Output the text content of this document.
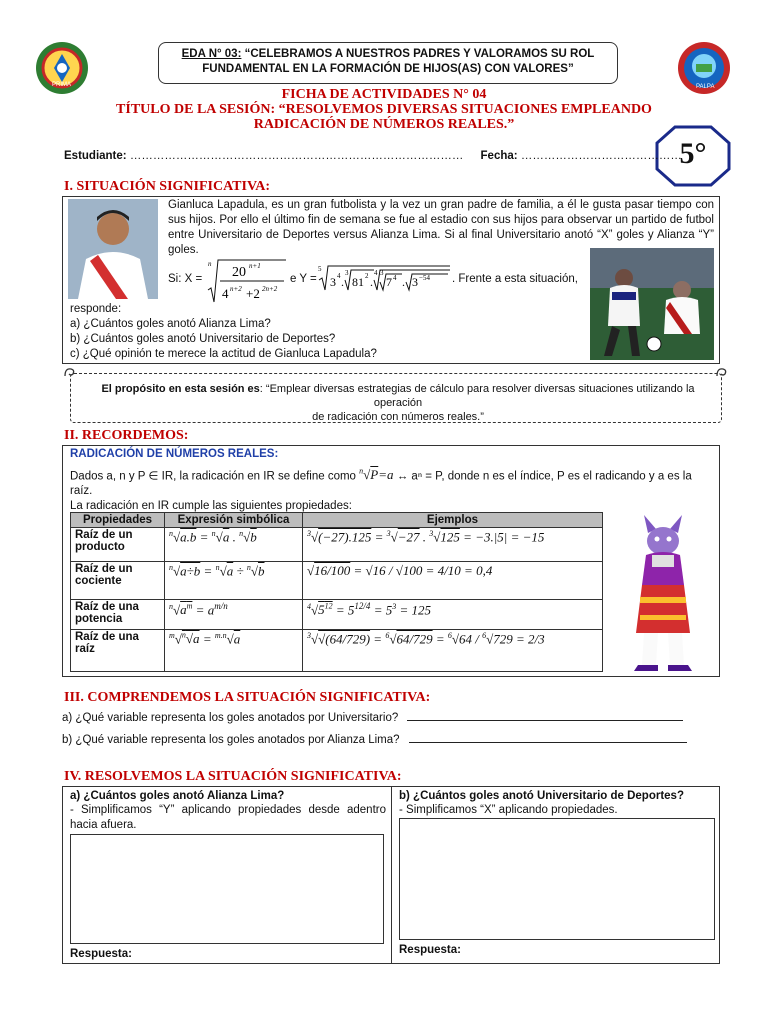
PRIMA	PALPA
EDA N° 03: “CELEBRAMOS A NUESTROS PADRES Y VALORAMOS SU ROL
FUNDAMENTAL EN LA FORMACIÓN DE HIJOS(AS) CON VALORES”
FICHA DE ACTIVIDADES N° 04
TÍTULO DE LA SESIÓN: “RESOLVEMOS DIVERSAS SITUACIONES EMPLEANDO
RADICACIÓN DE NÚMEROS REALES.”
5°
Estudiante: …………………………………………………………………………… Fecha: ……………………………………
I. SITUACIÓN SIGNIFICATIVA:

Gianluca Lapadula, es un gran futbolista y la vez un gran padre de familia, a él le gusta pasar tiempo con sus hijos. Por ello el último fin de semana se fue al estadio con sus hijos para observar un partido de futbol entre Universitario de Deportes versus Alianza Lima. Si al final Universitario anotó “X” goles y Alianza “Y” goles.

Si: X =
n
20 n+1
4 n+2 +2 2n+2
e Y =
5
3 4 .
3
81 2 .
4 3
7 4 . 3 −54 . Frente a esta situación,
responde:
a) ¿Cuántos goles anotó Alianza Lima?
b) ¿Cuántos goles anotó Universitario de Deportes?
c) ¿Qué opinión te merece la actitud de Gianluca Lapadula?
El propósito en esta sesión es: “Emplear diversas estrategias de cálculo para resolver diversas situaciones utilizando la operación
de radicación con números reales.”
II. RECORDEMOS:
RADICACIÓN DE NÚMEROS REALES:
Dados a, n y P ∈ IR, la radicación en IR se define como $^n$√P=a ↔ aⁿ = P, donde n es el índice, P es el radicando y a es la
raíz.
La radicación en IR cumple las siguientes propiedades:
Propiedades	Expresión simbólica	Ejemplos
Raíz de un producto	$^n$√a.b = $^n$√a . $^n$√b	$^3$√(−27).125 = $^3$√−27 . $^3$√125 = −3.|5| = −15
Raíz de un cociente	$^n$√a÷b = $^n$√a ÷ $^n$√b	√16/100 = √16 / √100 = 4/10 = 0,4
Raíz de una potencia	$^n√a^m = a^{m/n}$	$^4√5^{12} = 5^{12/4} = 5^3 = 125$
Raíz de una raíz	$^m$√$^n$√a = $^{m.n}$√a	$^3$√√(64/729) = $^6$√64/729 = $^6$√64 / $^6$√729 = 2/3
III. COMPRENDEMOS LA SITUACIÓN SIGNIFICATIVA:
a) ¿Qué variable representa los goles anotados por Universitario?
b) ¿Qué variable representa los goles anotados por Alianza Lima?
IV. RESOLVEMOS LA SITUACIÓN SIGNIFICATIVA:
a) ¿Cuántos goles anotó Alianza Lima?

- Simplificamos “Y” aplicando propiedades desde adentro hacia afuera.

Respuesta:
b) ¿Cuántos goles anotó Universitario de Deportes?

- Simplificamos “X” aplicando propiedades.

Respuesta:
